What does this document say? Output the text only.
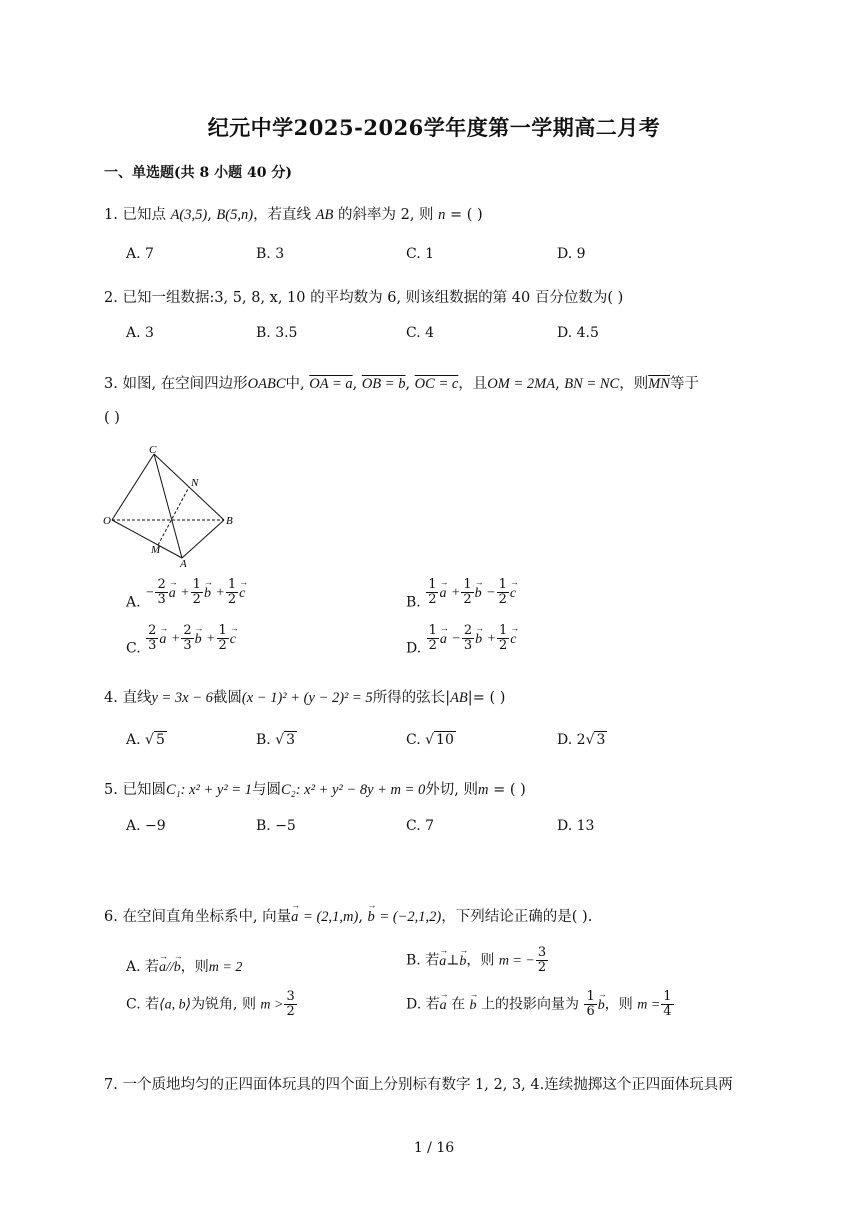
纪元中学2025-2026学年度第一学期高二月考
一、单选题(共 8 小题 40 分)
1. 已知点 A(3,5), B(5,n)，若直线 AB 的斜率为 2, 则 n = ( )
A. 7	B. 3	C. 1	D. 9
2. 已知一组数据:3, 5, 8, x, 10 的平均数为 6, 则该组数据的第 40 百分位数为( )
A. 3	B. 3.5	C. 4	D. 4.5
3. 如图, 在空间四边形OABC中, OA = a, OB = b, OC = c，且OM = 2MA, BN = NC，则$\overline{MN}$等于
( )
C
N
O	B
M
A
A. − $\frac{2}{3} \to a + \frac{1}{2} \to b + \frac{1}{2} \to c$
B. $\frac{1}{2} \to a + \frac{1}{2} \to b - \frac{1}{2} \to c$
C. $\frac{2}{3} \to a + \frac{2}{3} \to b + \frac{1}{2} \to c$
D. $\frac{1}{2} \to a - \frac{2}{3} \to b + \frac{1}{2} \to c$
4. 直线y = 3x − 6截圆(x − 1)² + (y − 2)² = 5所得的弦长|AB|= ( )
A. √ 5	B. √ 3	C. √ 10	D. 2√ 3
5. 已知圆C₁: x² + y² = 1与圆C₂: x² + y² − 8y + m = 0外切, 则m = ( )
A. −9	B. −5	C. 7	D. 13
6. 在空间直角坐标系中, 向量→ a = (2,1,m), → b = (−2,1,2)，下列结论正确的是( ).
A. 若→ a//→ b，则m = 2	B. 若→ a⊥→ b，则 m = − $\frac{3}{2}$
C. 若⟨a, b⟩为锐角, 则 $m > \frac{3}{2}$	D. 若→ a 在 → b 上的投影向量为 $\frac{1}{6} \to b$，则 $m = \frac{1}{4}$
7. 一个质地均匀的正四面体玩具的四个面上分别标有数字 1, 2, 3, 4.连续抛掷这个正四面体玩具两
1 / 16
